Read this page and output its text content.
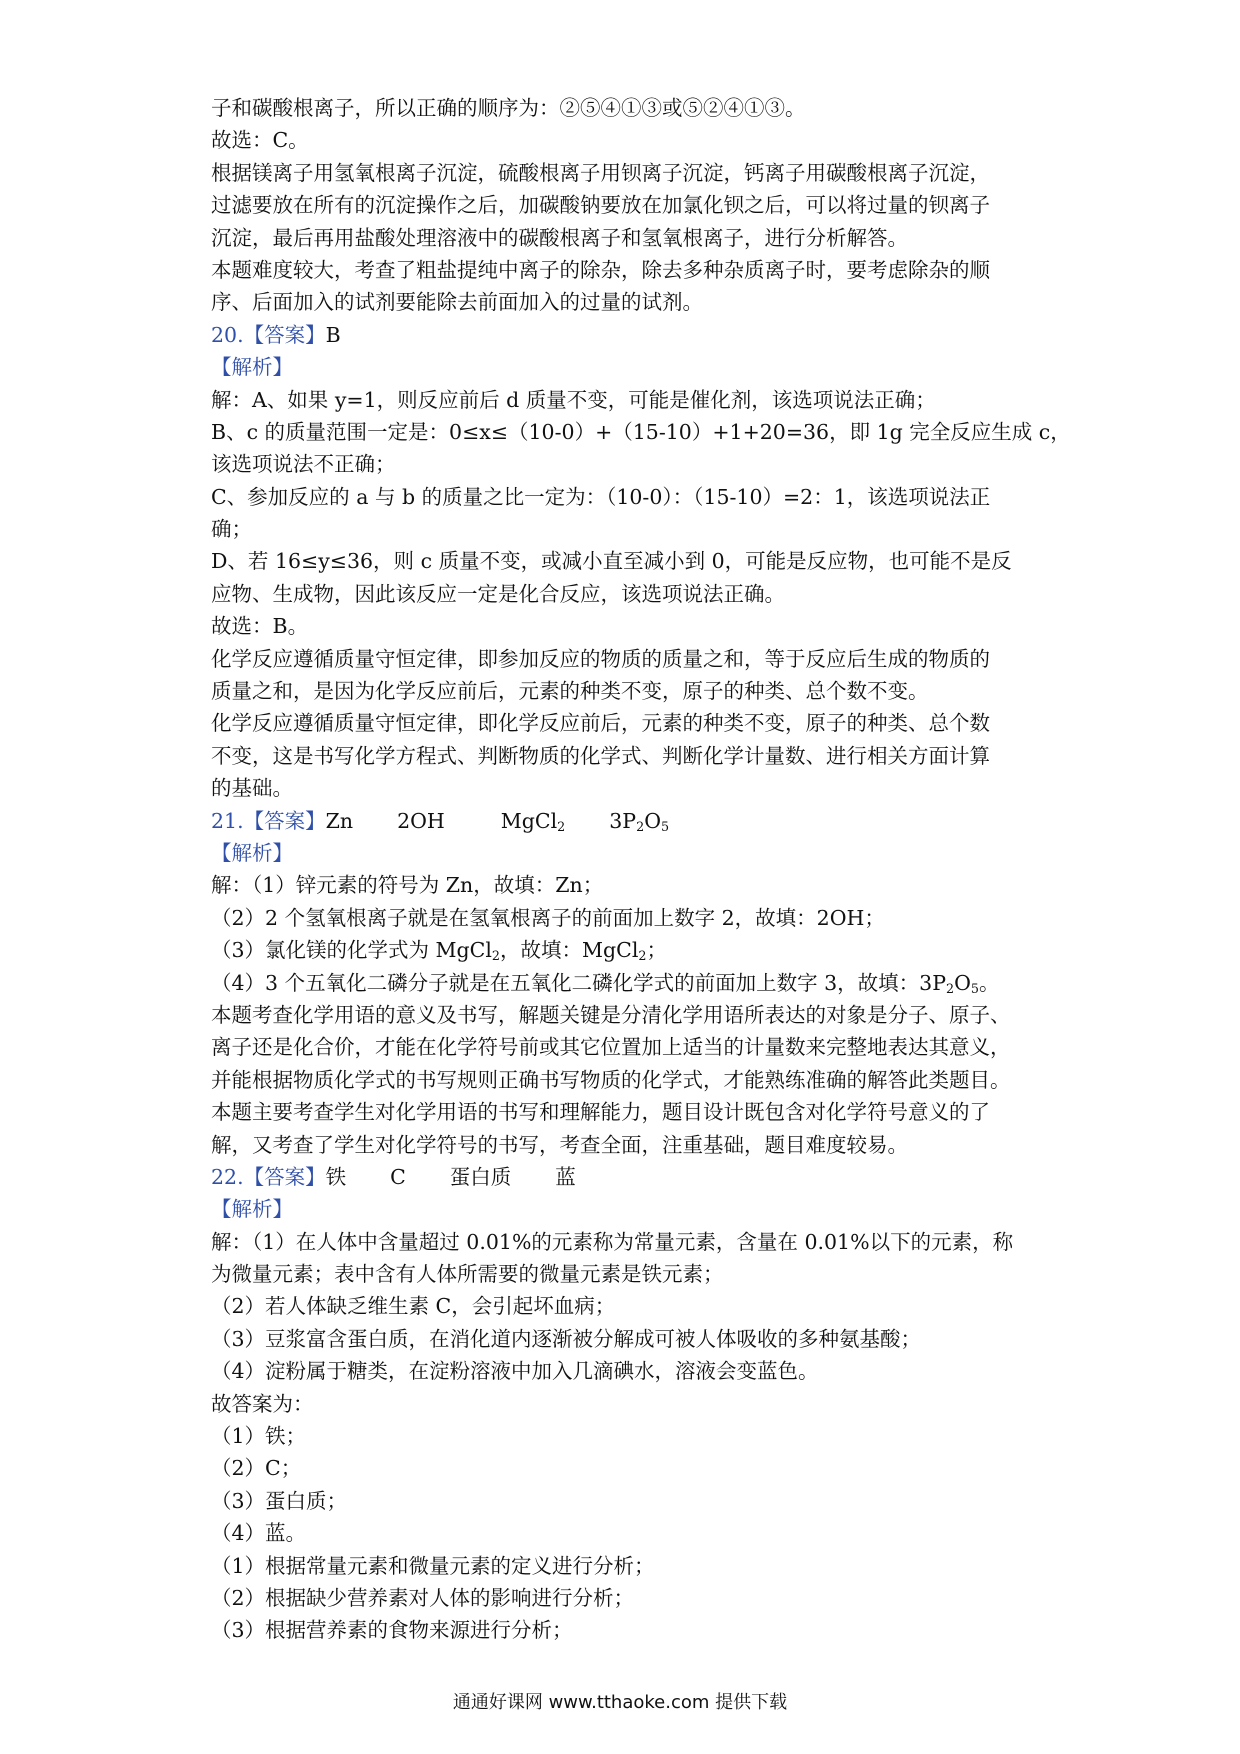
子和碳酸根离子，所以正确的顺序为：②⑤④①③或⑤②④①③。
故选：C。
根据镁离子用氢氧根离子沉淀，硫酸根离子用钡离子沉淀，钙离子用碳酸根离子沉淀，
过滤要放在所有的沉淀操作之后，加碳酸钠要放在加氯化钡之后，可以将过量的钡离子
沉淀，最后再用盐酸处理溶液中的碳酸根离子和氢氧根离子，进行分析解答。
本题难度较大，考查了粗盐提纯中离子的除杂，除去多种杂质离子时，要考虑除杂的顺
序、后面加入的试剂要能除去前面加入的过量的试剂。
20.【答案】B
【解析】
解：A、如果 y=1，则反应前后 d 质量不变，可能是催化剂，该选项说法正确；
B、c 的质量范围一定是：0≤x≤（10-0）+（15-10）+1+20=36，即 1g 完全反应生成 c，
该选项说法不正确；
C、参加反应的 a 与 b 的质量之比一定为：（10-0）：（15-10）=2：1，该选项说法正
确；
D、若 16≤y≤36，则 c 质量不变，或减小直至减小到 0，可能是反应物，也可能不是反
应物、生成物，因此该反应一定是化合反应，该选项说法正确。
故选：B。
化学反应遵循质量守恒定律，即参加反应的物质的质量之和，等于反应后生成的物质的
质量之和，是因为化学反应前后，元素的种类不变，原子的种类、总个数不变。
化学反应遵循质量守恒定律，即化学反应前后，元素的种类不变，原子的种类、总个数
不变，这是书写化学方程式、判断物质的化学式、判断化学计量数、进行相关方面计算
的基础。
21.【答案】Zn 2OH	MgCl$_2$ $3P_2O_5$
【解析】
解：（1）锌元素的符号为 Zn，故填：Zn；
（2）2 个氢氧根离子就是在氢氧根离子的前面加上数字 2，故填：2OH；
（3）氯化镁的化学式为 MgCl$_2$，故填：MgCl$_2$；
（4）3 个五氧化二磷分子就是在五氧化二磷化学式的前面加上数字 3，故填：$3P_2O_5$。
本题考查化学用语的意义及书写，解题关键是分清化学用语所表达的对象是分子、原子、
离子还是化合价，才能在化学符号前或其它位置加上适当的计量数来完整地表达其意义，
并能根据物质化学式的书写规则正确书写物质的化学式，才能熟练准确的解答此类题目。
本题主要考查学生对化学用语的书写和理解能力，题目设计既包含对化学符号意义的了
解，又考查了学生对化学符号的书写，考查全面，注重基础，题目难度较易。
22.【答案】铁 C 蛋白质 蓝
【解析】
解：（1）在人体中含量超过 0.01%的元素称为常量元素，含量在 0.01%以下的元素，称
为微量元素；表中含有人体所需要的微量元素是铁元素；
（2）若人体缺乏维生素 C，会引起坏血病；
（3）豆浆富含蛋白质，在消化道内逐渐被分解成可被人体吸收的多种氨基酸；
（4）淀粉属于糖类，在淀粉溶液中加入几滴碘水，溶液会变蓝色。
故答案为：
（1）铁；
（2）C；
（3）蛋白质；
（4）蓝。
（1）根据常量元素和微量元素的定义进行分析；
（2）根据缺少营养素对人体的影响进行分析；
（3）根据营养素的食物来源进行分析；
通通好课网 www.tthaoke.com 提供下载
